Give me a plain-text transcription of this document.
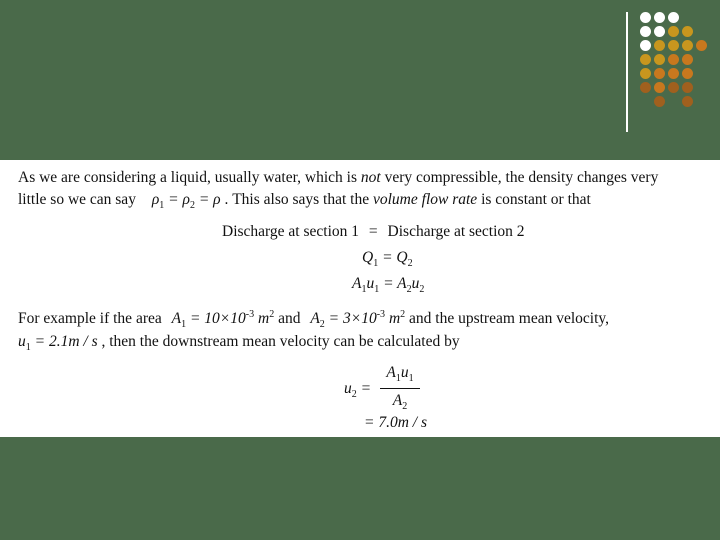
As we are considering a liquid, usually water, which is not very compressible, the density changes very
little so we can say $\rho_1 = \rho_2 = \rho$ . This also says that the volume flow rate is constant or that
Discharge at section 1 = Discharge at section 2
$Q_1 = Q_2$
$A_1u_1 = A_2u_2$
For example if the area $A_1 = 10\times 10^{-3}$ $m^2$ and $A_2 = 3\times 10^{-3}$ $m^2$ and the upstream mean velocity,
$u_1 = 2.1m / s$ , then the downstream mean velocity can be calculated by
$u_2$ =
$A_1u_1$
$A_2$
= 7.0m / s
